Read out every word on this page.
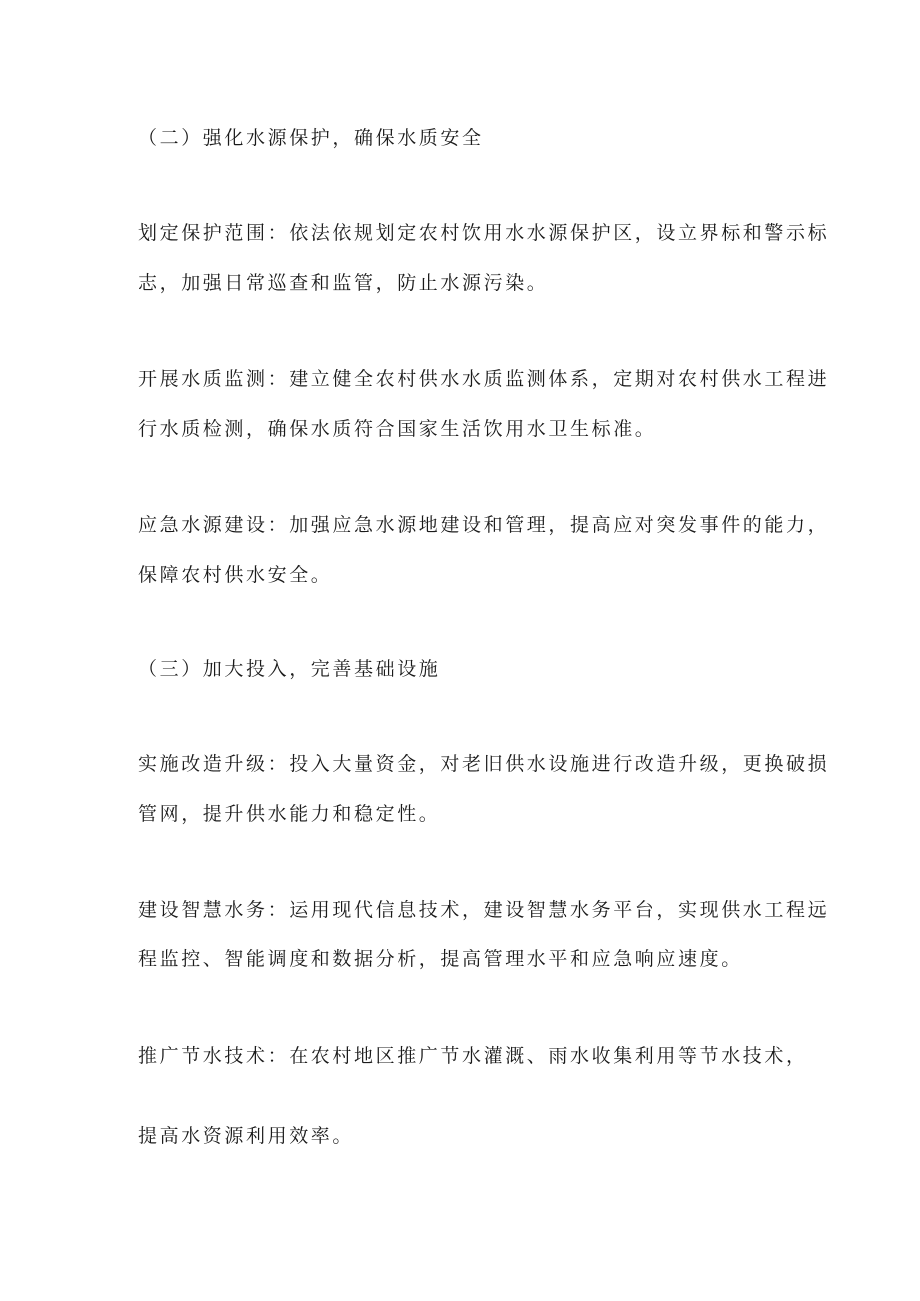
（二）强化水源保护，确保水质安全
划定保护范围：依法依规划定农村饮用水水源保护区，设立界标和警示标
志，加强日常巡查和监管，防止水源污染。
开展水质监测：建立健全农村供水水质监测体系，定期对农村供水工程进
行水质检测，确保水质符合国家生活饮用水卫生标准。
应急水源建设：加强应急水源地建设和管理，提高应对突发事件的能力，
保障农村供水安全。
（三）加大投入，完善基础设施
实施改造升级：投入大量资金，对老旧供水设施进行改造升级，更换破损
管网，提升供水能力和稳定性。
建设智慧水务：运用现代信息技术，建设智慧水务平台，实现供水工程远
程监控、智能调度和数据分析，提高管理水平和应急响应速度。
推广节水技术：在农村地区推广节水灌溉、雨水收集利用等节水技术，
提高水资源利用效率。
